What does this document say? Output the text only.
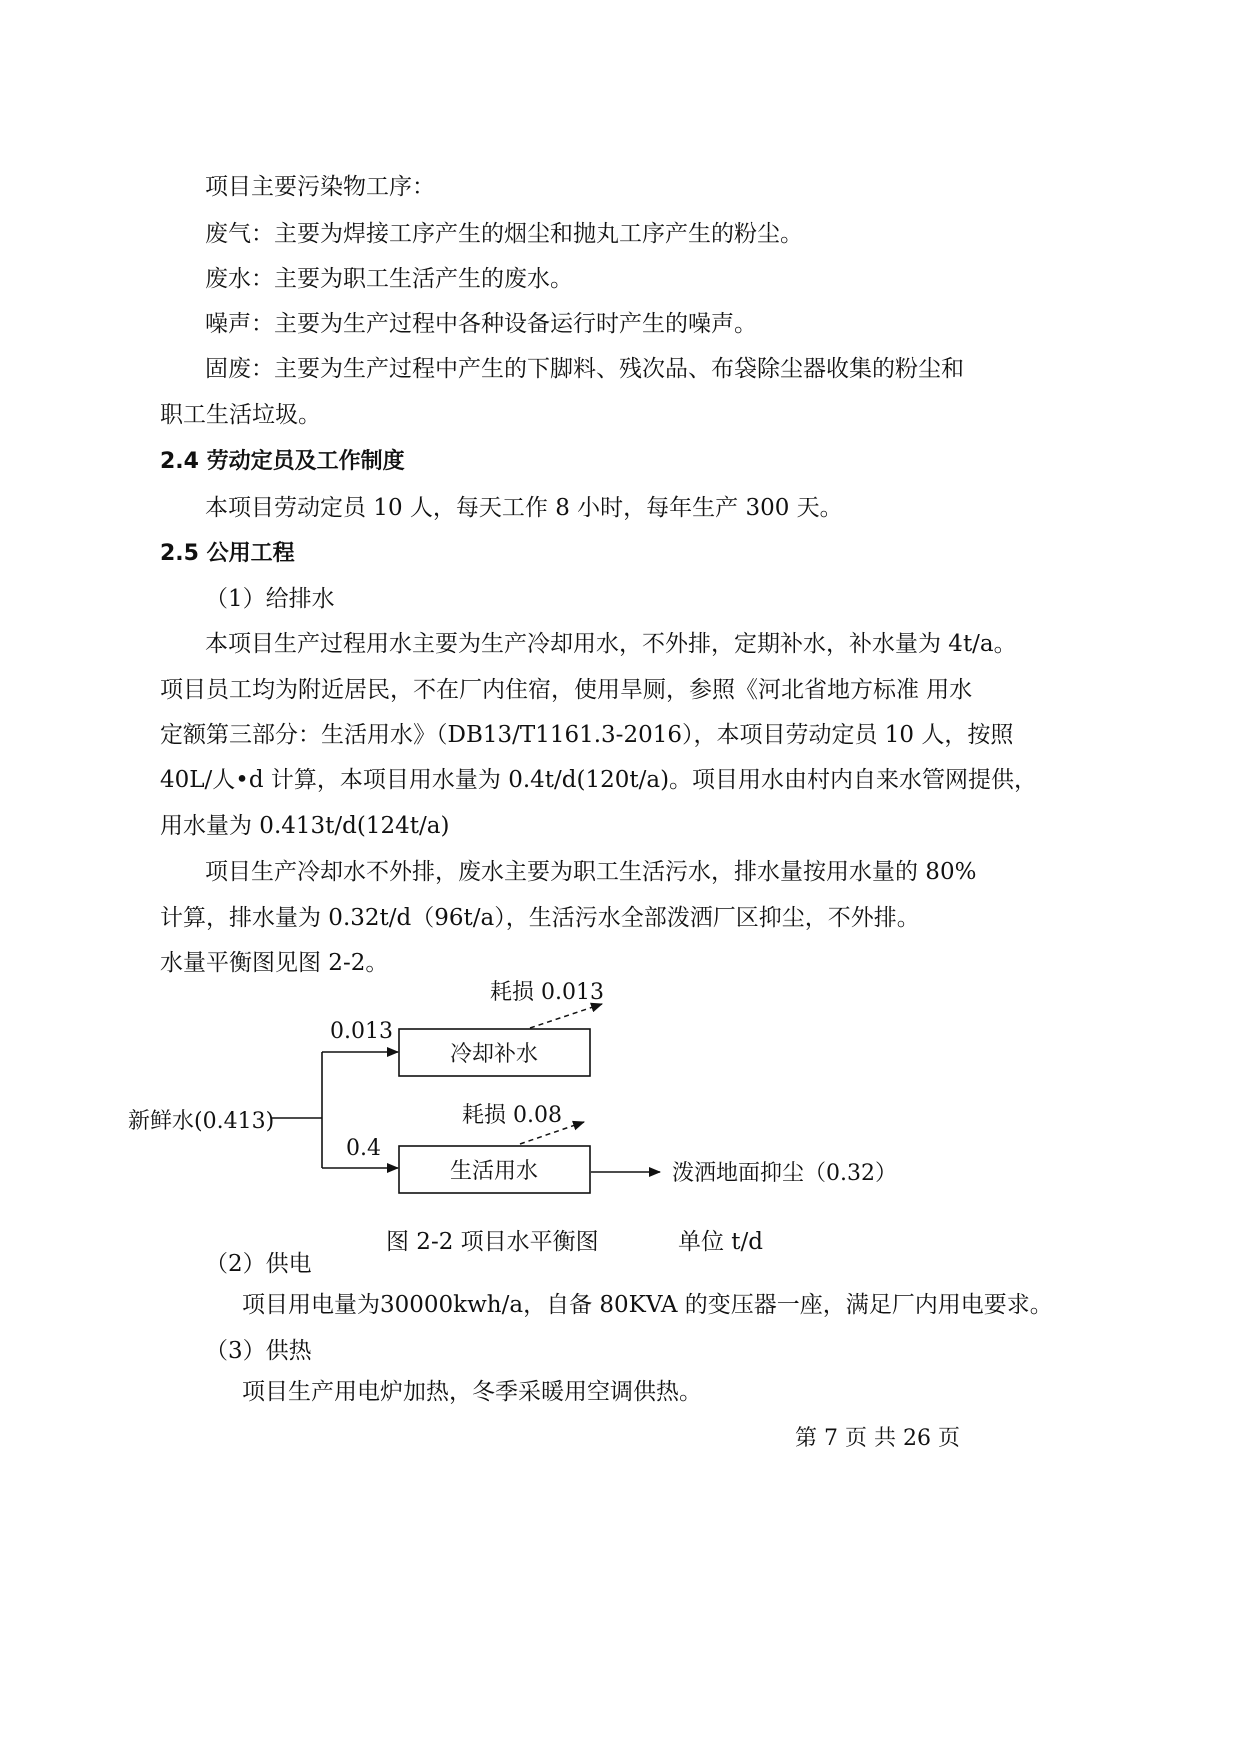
项目主要污染物工序：
废气：主要为焊接工序产生的烟尘和抛丸工序产生的粉尘。
废水：主要为职工生活产生的废水。
噪声：主要为生产过程中各种设备运行时产生的噪声。
固废：主要为生产过程中产生的下脚料、残次品、布袋除尘器收集的粉尘和
职工生活垃圾。
2.4 劳动定员及工作制度
本项目劳动定员 10 人，每天工作 8 小时，每年生产 300 天。
2.5 公用工程
（1）给排水
本项目生产过程用水主要为生产冷却用水，不外排，定期补水，补水量为 4t/a。
项目员工均为附近居民，不在厂内住宿，使用旱厕，参照《河北省地方标准 用水
定额第三部分：生活用水》（DB13/T1161.3-2016），本项目劳动定员 10 人，按照
40L/人•d 计算，本项目用水量为 0.4t/d(120t/a)。项目用水由村内自来水管网提供，
用水量为 0.413t/d(124t/a)
项目生产冷却水不外排，废水主要为职工生活污水，排水量按用水量的 80%
计算，排水量为 0.32t/d（96t/a），生活污水全部泼洒厂区抑尘，不外排。
水量平衡图见图 2-2。
新鲜水(0.413)
0.013
0.4
冷却补水
生活用水
耗损 0.013
耗损 0.08
泼洒地面抑尘（0.32）
图 2-2 项目水平衡图	单位 t/d
（2）供电
项目用电量为30000kwh/a，自备 80KVA 的变压器一座，满足厂内用电要求。
（3）供热
项目生产用电炉加热，冬季采暖用空调供热。
第 7 页 共 26 页
